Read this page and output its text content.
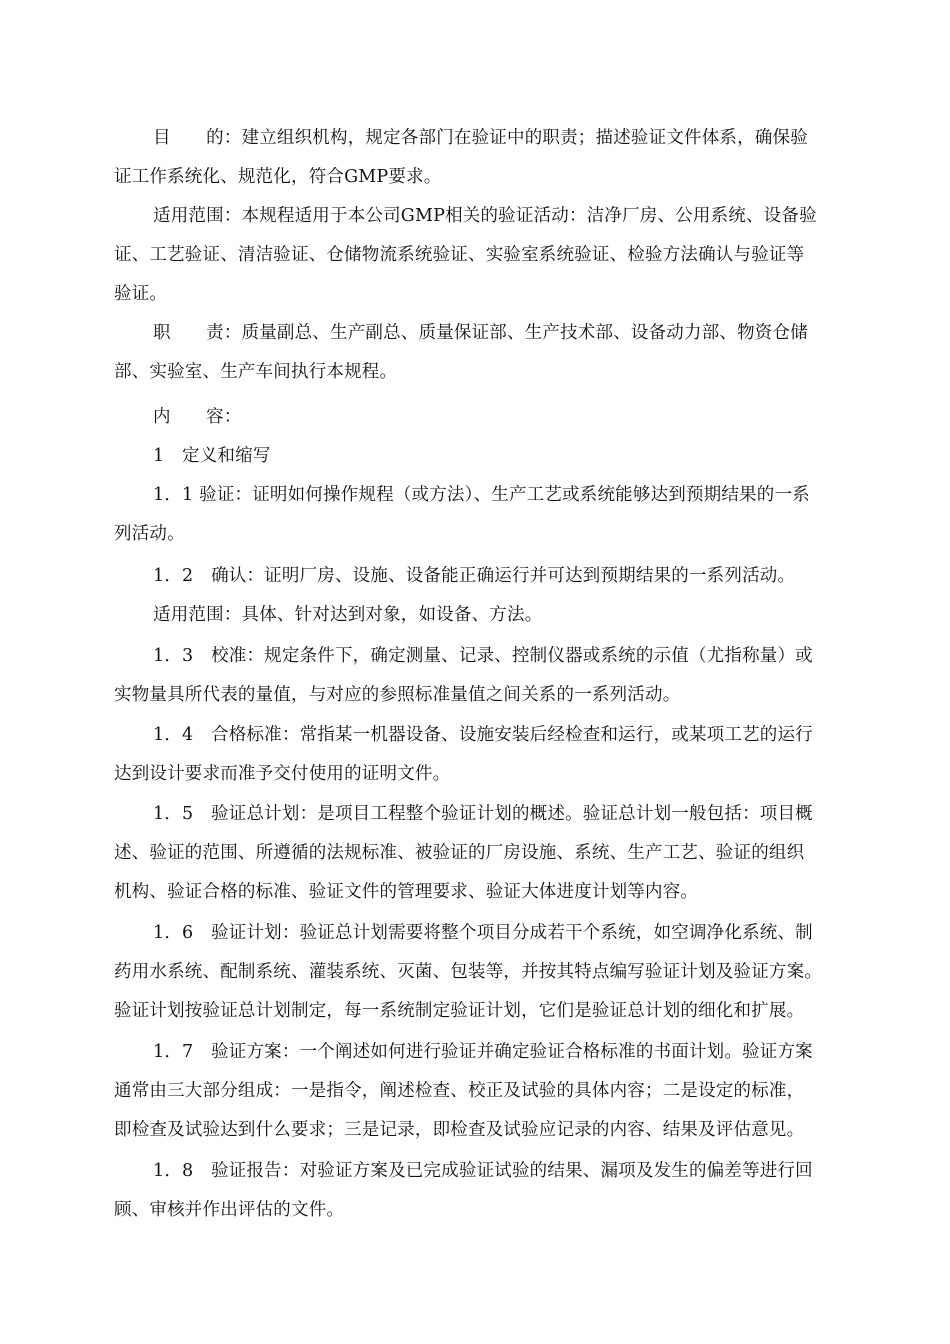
目　　的：建立组织机构，规定各部门在验证中的职责；描述验证文件体系，确保验
证工作系统化、规范化，符合GMP要求。
适用范围：本规程适用于本公司GMP相关的验证活动：洁净厂房、公用系统、设备验
证、工艺验证、清洁验证、仓储物流系统验证、实验室系统验证、检验方法确认与验证等
验证。
职　　责：质量副总、生产副总、质量保证部、生产技术部、设备动力部、物资仓储
部、实验室、生产车间执行本规程。
内　　容：
1　定义和缩写
1．1 验证：证明如何操作规程（或方法）、生产工艺或系统能够达到预期结果的一系
列活动。
1．2　确认：证明厂房、设施、设备能正确运行并可达到预期结果的一系列活动。
适用范围：具体、针对达到对象，如设备、方法。
1．3　校准：规定条件下，确定测量、记录、控制仪器或系统的示值（尤指称量）或
实物量具所代表的量值，与对应的参照标准量值之间关系的一系列活动。
1．4　合格标准：常指某一机器设备、设施安装后经检查和运行，或某项工艺的运行
达到设计要求而准予交付使用的证明文件。
1．5　验证总计划：是项目工程整个验证计划的概述。验证总计划一般包括：项目概
述、验证的范围、所遵循的法规标准、被验证的厂房设施、系统、生产工艺、验证的组织
机构、验证合格的标准、验证文件的管理要求、验证大体进度计划等内容。
1．6　验证计划：验证总计划需要将整个项目分成若干个系统，如空调净化系统、制
药用水系统、配制系统、灌装系统、灭菌、包装等，并按其特点编写验证计划及验证方案。
验证计划按验证总计划制定，每一系统制定验证计划，它们是验证总计划的细化和扩展。
1．7　验证方案：一个阐述如何进行验证并确定验证合格标准的书面计划。验证方案
通常由三大部分组成：一是指令，阐述检查、校正及试验的具体内容；二是设定的标准，
即检查及试验达到什么要求；三是记录，即检查及试验应记录的内容、结果及评估意见。
1．8　验证报告：对验证方案及已完成验证试验的结果、漏项及发生的偏差等进行回
顾、审核并作出评估的文件。
